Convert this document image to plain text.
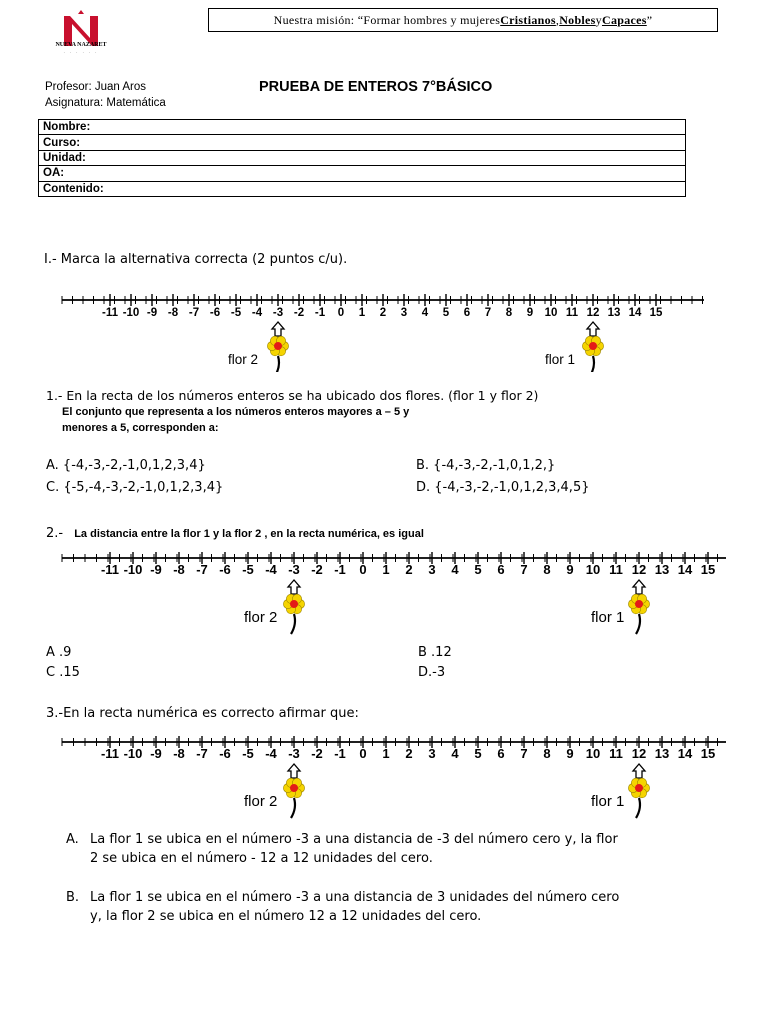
NUEVA NAZARET
· · · · · ·
Nuestra misión: “Formar hombres y mujeres Cristianos , Nobles y Capaces ”
Profesor: Juan Aros
Asignatura: Matemática
PRUEBA DE ENTEROS 7°BÁSICO
Nombre:
Curso:
Unidad:
OA:
Contenido:
I.- Marca la alternativa correcta (2 puntos c/u).
-11 -10 -9 -8 -7 -6 -5 -4 -3 -2 -1 0 1 2 3 4 5 6 7 8 9 10 11 12 13 14 15
flor 2	flor 1
1.- En la recta de los números enteros se ha ubicado dos flores. (flor 1 y flor 2)
El conjunto que representa a los números enteros mayores a – 5 y
menores a 5, corresponden a:
A. {-4,-3,-2,-1,0,1,2,3,4}	B. {-4,-3,-2,-1,0,1,2,}
C. {-5,-4,-3,-2,-1,0,1,2,3,4}	D. {-4,-3,-2,-1,0,1,2,3,4,5}
2.- La distancia entre la flor 1 y la flor 2 , en la recta numérica, es igual
-11 -10 -9 -8 -7 -6 -5 -4 -3 -2 -1 0 1 2 3 4 5 6 7 8 9 10 11 12 13 14 15
flor 2	flor 1
A .9	B .12
C .15	D.-3
3.-En la recta numérica es correcto afirmar que:
-11 -10 -9 -8 -7 -6 -5 -4 -3 -2 -1 0 1 2 3 4 5 6 7 8 9 10 11 12 13 14 15
flor 2	flor 1
A. La flor 1 se ubica en el número -3 a una distancia de -3 del número cero y, la flor
2 se ubica en el número - 12 a 12 unidades del cero.
B. La flor 1 se ubica en el número -3 a una distancia de 3 unidades del número cero
y, la flor 2 se ubica en el número 12 a 12 unidades del cero.
